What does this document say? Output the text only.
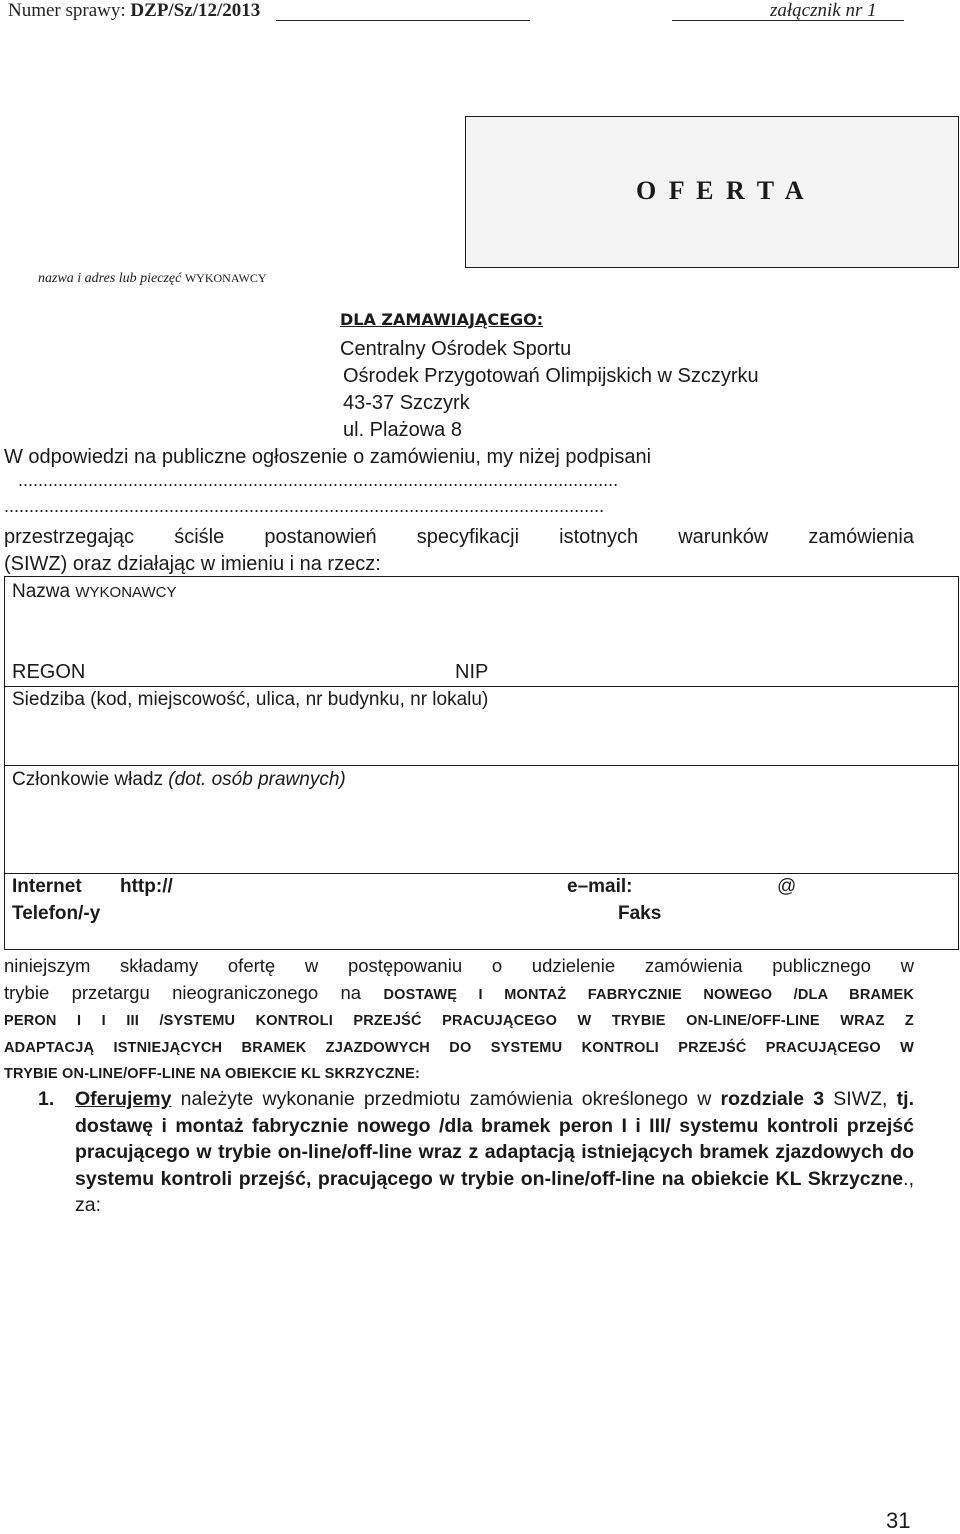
Numer sprawy: DZP/Sz/12/2013	załącznik nr 1
O F E R T A
nazwa i adres lub pieczęć WYKONAWCY
DLA ZAMAWIAJĄCEGO:
Centralny Ośrodek Sportu
Ośrodek Przygotowań Olimpijskich w Szczyrku
43-37 Szczyrk
ul. Plażowa 8
W odpowiedzi na publiczne ogłoszenie o zamówieniu, my niżej podpisani
........................................................................................................................
........................................................................................................................
przestrzegając ściśle postanowień specyfikacji istotnych warunków zamówienia
(SIWZ) oraz działając w imieniu i na rzecz:
Nazwa WYKONAWCY
REGON	NIP
Siedziba (kod, miejscowość, ulica, nr budynku, nr lokalu)
Członkowie władz (dot. osób prawnych)
Internet http://	e–mail:	@
Telefon/-y	Faks
niniejszym składamy ofertę w postępowaniu o udzielenie zamówienia publicznego w
trybie przetargu nieograniczonego na DOSTAWĘ I MONTAŻ FABRYCZNIE NOWEGO /DLA BRAMEK
PERON I I III /SYSTEMU KONTROLI PRZEJŚĆ PRACUJĄCEGO W TRYBIE ON-LINE/OFF-LINE WRAZ Z
ADAPTACJĄ ISTNIEJĄCYCH BRAMEK ZJAZDOWYCH DO SYSTEMU KONTROLI PRZEJŚĆ PRACUJĄCEGO W
TRYBIE ON-LINE/OFF-LINE NA OBIEKCIE KL SKRZYCZNE:
1. Oferujemy należyte wykonanie przedmiotu zamówienia określonego w rozdziale 3 SIWZ, tj. dostawę i montaż fabrycznie nowego /dla bramek peron I i III/ systemu kontroli przejść pracującego w trybie on-line/off-line wraz z adaptacją istniejących bramek zjazdowych do systemu kontroli przejść, pracującego w trybie on-line/off-line na obiekcie KL Skrzyczne., za:
31
